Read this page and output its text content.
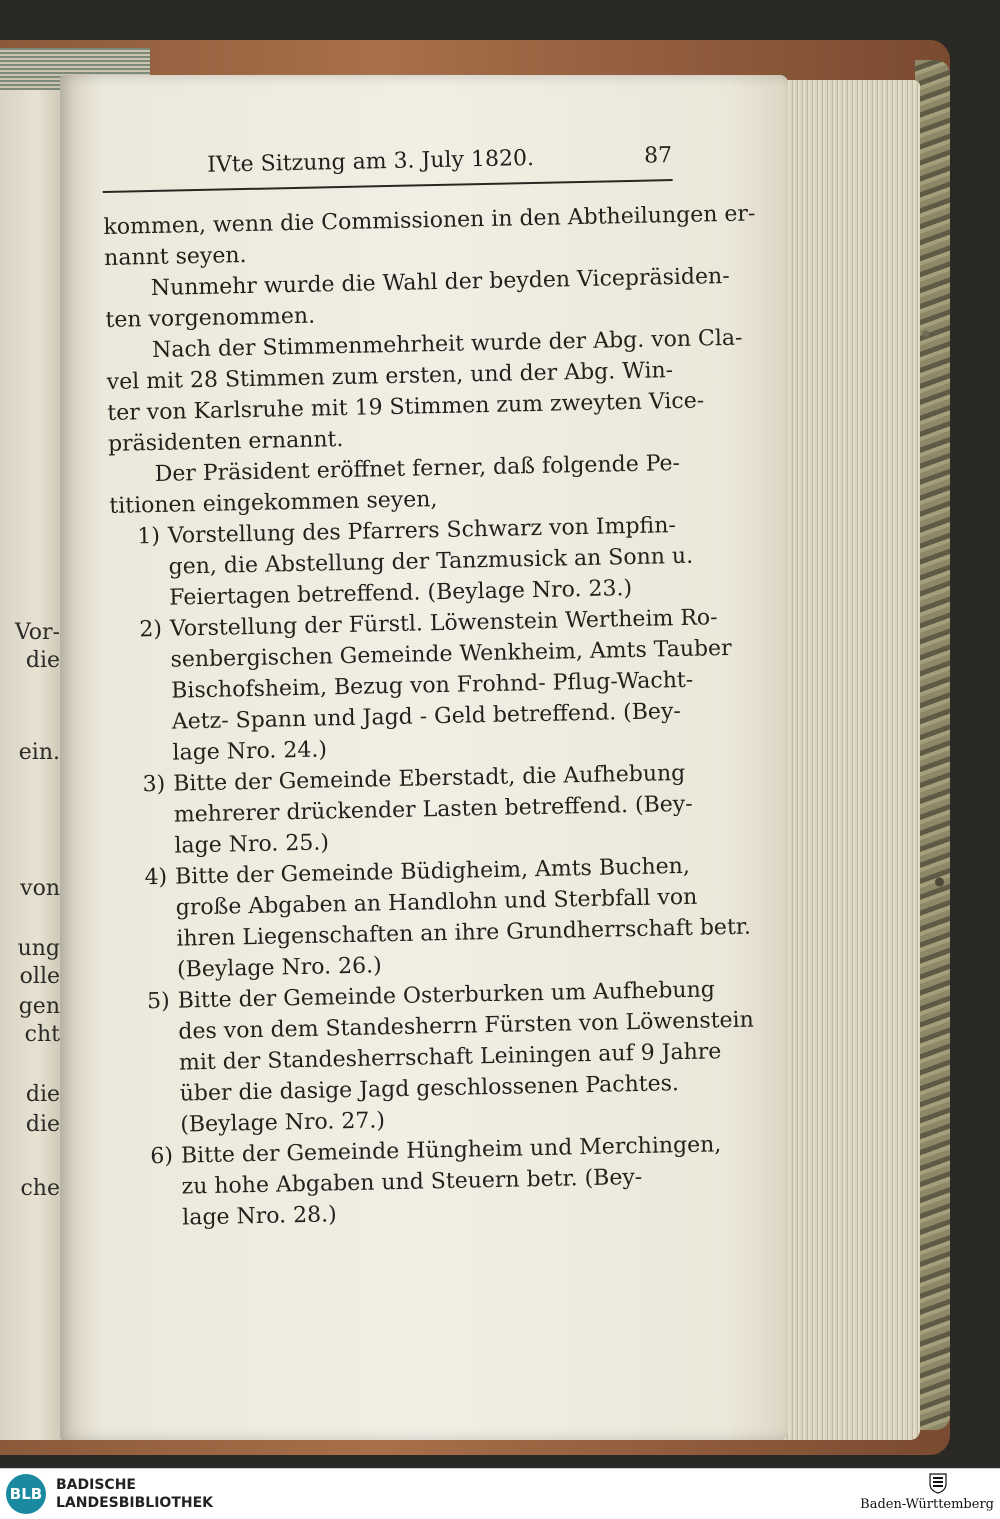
Vor-
die
ein.
von
ung
olle
gen
cht
die
die
che
IVte Sitzung am 3. July 1820.	87
kommen, wenn die Commissionen in den Abtheilungen er-
nannt seyen.
Nunmehr wurde die Wahl der beyden Vicepräsiden-
ten vorgenommen.
Nach der Stimmenmehrheit wurde der Abg. von Cla-
vel mit 28 Stimmen zum ersten, und der Abg. Win-
ter von Karlsruhe mit 19 Stimmen zum zweyten Vice-
präsidenten ernannt.
Der Präsident eröffnet ferner, daß folgende Pe-
titionen eingekommen seyen,
1) Vorstellung des Pfarrers Schwarz von Impfin-
gen, die Abstellung der Tanzmusick an Sonn u.
Feiertagen betreffend. (Beylage Nro. 23.)
2) Vorstellung der Fürstl. Löwenstein Wertheim Ro-
senbergischen Gemeinde Wenkheim, Amts Tauber
Bischofsheim, Bezug von Frohnd- Pflug-Wacht-
Aetz- Spann und Jagd - Geld betreffend. (Bey-
lage Nro. 24.)
3) Bitte der Gemeinde Eberstadt, die Aufhebung
mehrerer drückender Lasten betreffend. (Bey-
lage Nro. 25.)
4) Bitte der Gemeinde Büdigheim, Amts Buchen,
große Abgaben an Handlohn und Sterbfall von
ihren Liegenschaften an ihre Grundherrschaft betr.
(Beylage Nro. 26.)
5) Bitte der Gemeinde Osterburken um Aufhebung
des von dem Standesherrn Fürsten von Löwenstein
mit der Standesherrschaft Leiningen auf 9 Jahre
über die dasige Jagd geschlossenen Pachtes.
(Beylage Nro. 27.)
6) Bitte der Gemeinde Hüngheim und Merchingen,
zu hohe Abgaben und Steuern betr. (Bey-
lage Nro. 28.)
BLB BADISCHE
LANDESBIBLIOTHEK	Baden-Württemberg
